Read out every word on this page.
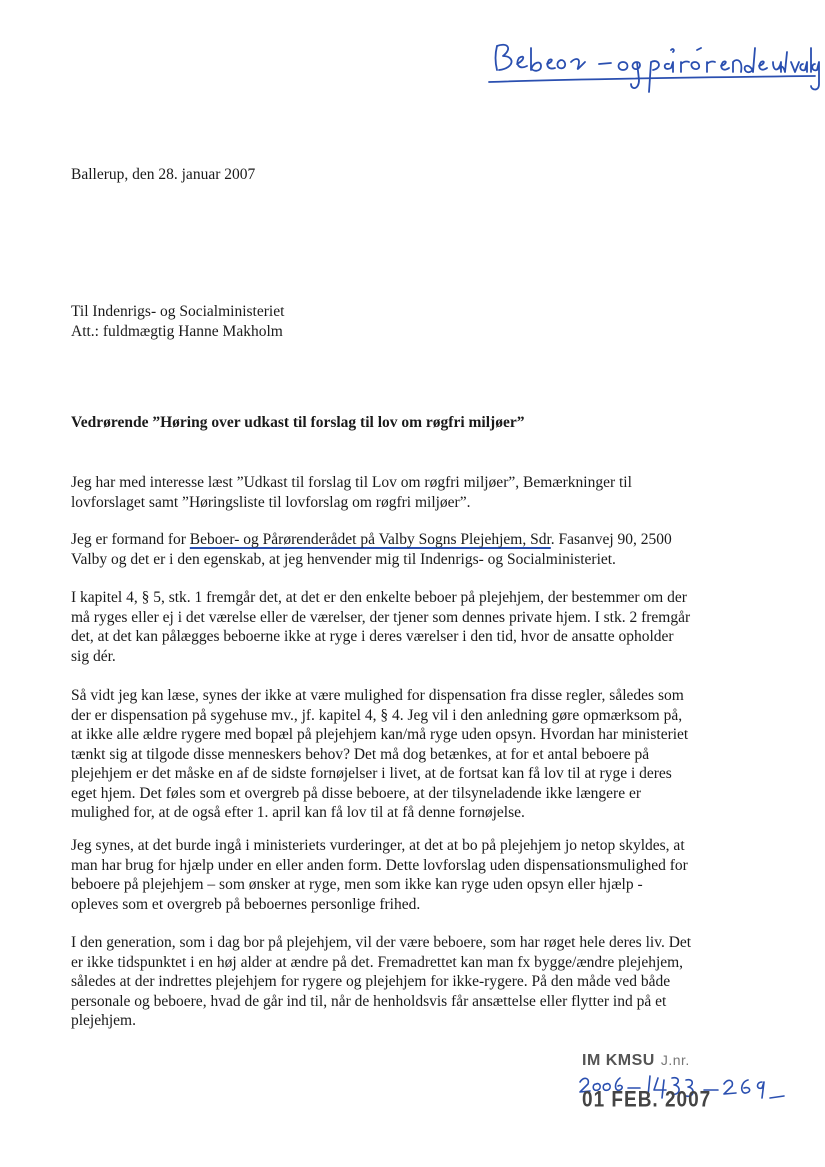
Ballerup, den 28. januar 2007
Til Indenrigs- og Socialministeriet
Att.: fuldmægtig Hanne Makholm
Vedrørende ”Høring over udkast til forslag til lov om røgfri miljøer”

Jeg har med interesse læst ”Udkast til forslag til Lov om røgfri miljøer”, Bemærkninger til
lovforslaget samt ”Høringsliste til lovforslag om røgfri miljøer”.

Jeg er formand for Beboer- og Pårørenderådet på Valby Sogns Plejehjem, Sdr. Fasanvej 90, 2500
Valby og det er i den egenskab, at jeg henvender mig til Indenrigs- og Socialministeriet.

I kapitel 4, § 5, stk. 1 fremgår det, at det er den enkelte beboer på plejehjem, der bestemmer om der
må ryges eller ej i det værelse eller de værelser, der tjener som dennes private hjem. I stk. 2 fremgår
det, at det kan pålægges beboerne ikke at ryge i deres værelser i den tid, hvor de ansatte opholder
sig dér.

Så vidt jeg kan læse, synes der ikke at være mulighed for dispensation fra disse regler, således som
der er dispensation på sygehuse mv., jf. kapitel 4, § 4. Jeg vil i den anledning gøre opmærksom på,
at ikke alle ældre rygere med bopæl på plejehjem kan/må ryge uden opsyn. Hvordan har ministeriet
tænkt sig at tilgode disse menneskers behov? Det må dog betænkes, at for et antal beboere på
plejehjem er det måske en af de sidste fornøjelser i livet, at de fortsat kan få lov til at ryge i deres
eget hjem. Det føles som et overgreb på disse beboere, at der tilsyneladende ikke længere er
mulighed for, at de også efter 1. april kan få lov til at få denne fornøjelse.

Jeg synes, at det burde ingå i ministeriets vurderinger, at det at bo på plejehjem jo netop skyldes, at
man har brug for hjælp under en eller anden form. Dette lovforslag uden dispensationsmulighed for
beboere på plejehjem – som ønsker at ryge, men som ikke kan ryge uden opsyn eller hjælp -
opleves som et overgreb på beboernes personlige frihed.

I den generation, som i dag bor på plejehjem, vil der være beboere, som har røget hele deres liv. Det
er ikke tidspunktet i en høj alder at ændre på det. Fremadrettet kan man fx bygge/ændre plejehjem,
således at der indrettes plejehjem for rygere og plejehjem for ikke-rygere. På den måde ved både
personale og beboere, hvad de går ind til, når de henholdsvis får ansættelse eller flytter ind på et
plejehjem.

IM KMSU J.nr.
01 FEB. 2007
